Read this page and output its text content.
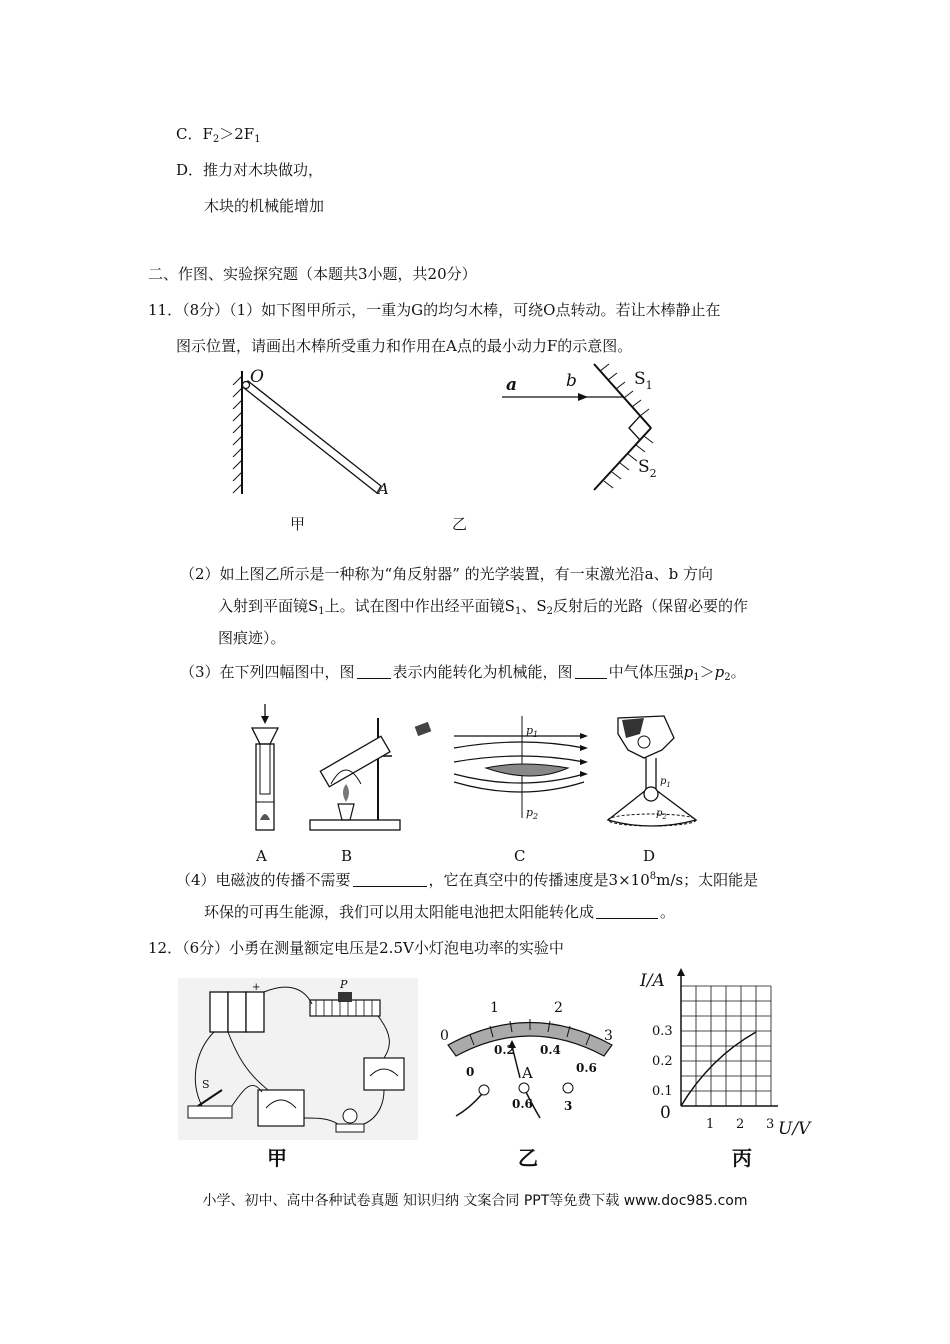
C．$F_2>2F_1$
D．推力对木块做功，
木块的机械能增加
二、作图、实验探究题（本题共3小题，共20分）
11．（8分）（1）如下图甲所示，一重为G的均匀木棒，可绕O点转动。若让木棒静止在
图示位置，请画出木棒所受重力和作用在A点的最小动力F的示意图。
O
A
甲
a	b	$S_1$
$S_2$
乙
（2）如上图乙所示是一种称为“角反射器” 的光学装置，有一束激光沿a、b 方向
入射到平面镜$S_1$上。试在图中作出经平面镜$S_1$、$S_2$反射后的光路（保留必要的作
图痕迹）。
（3）在下列四幅图中，图	表示内能转化为机械能，图 中气体压强$p_1>p_2$。
$p_1$
$p_2$
$p_1$
$p_2$
A	B	C	D
（4）电磁波的传播不需要	，它在真空中的传播速度是$3\times 10^8m/s$；太阳能是
环保的可再生能源，我们可以用太阳能电池把太阳能转化成	。
12．（6分）小勇在测量额定电压是2.5V小灯泡电功率的实验中
+	P
S
甲
0
1	2
3
0.2 0.4
0.6
0	A
0.6	3
乙
I/A
0.1
0.2
0.3
0
1 2 3 U/V
丙
小学、初中、高中各种试卷真题 知识归纳 文案合同 PPT等免费下载 www.doc985.com
